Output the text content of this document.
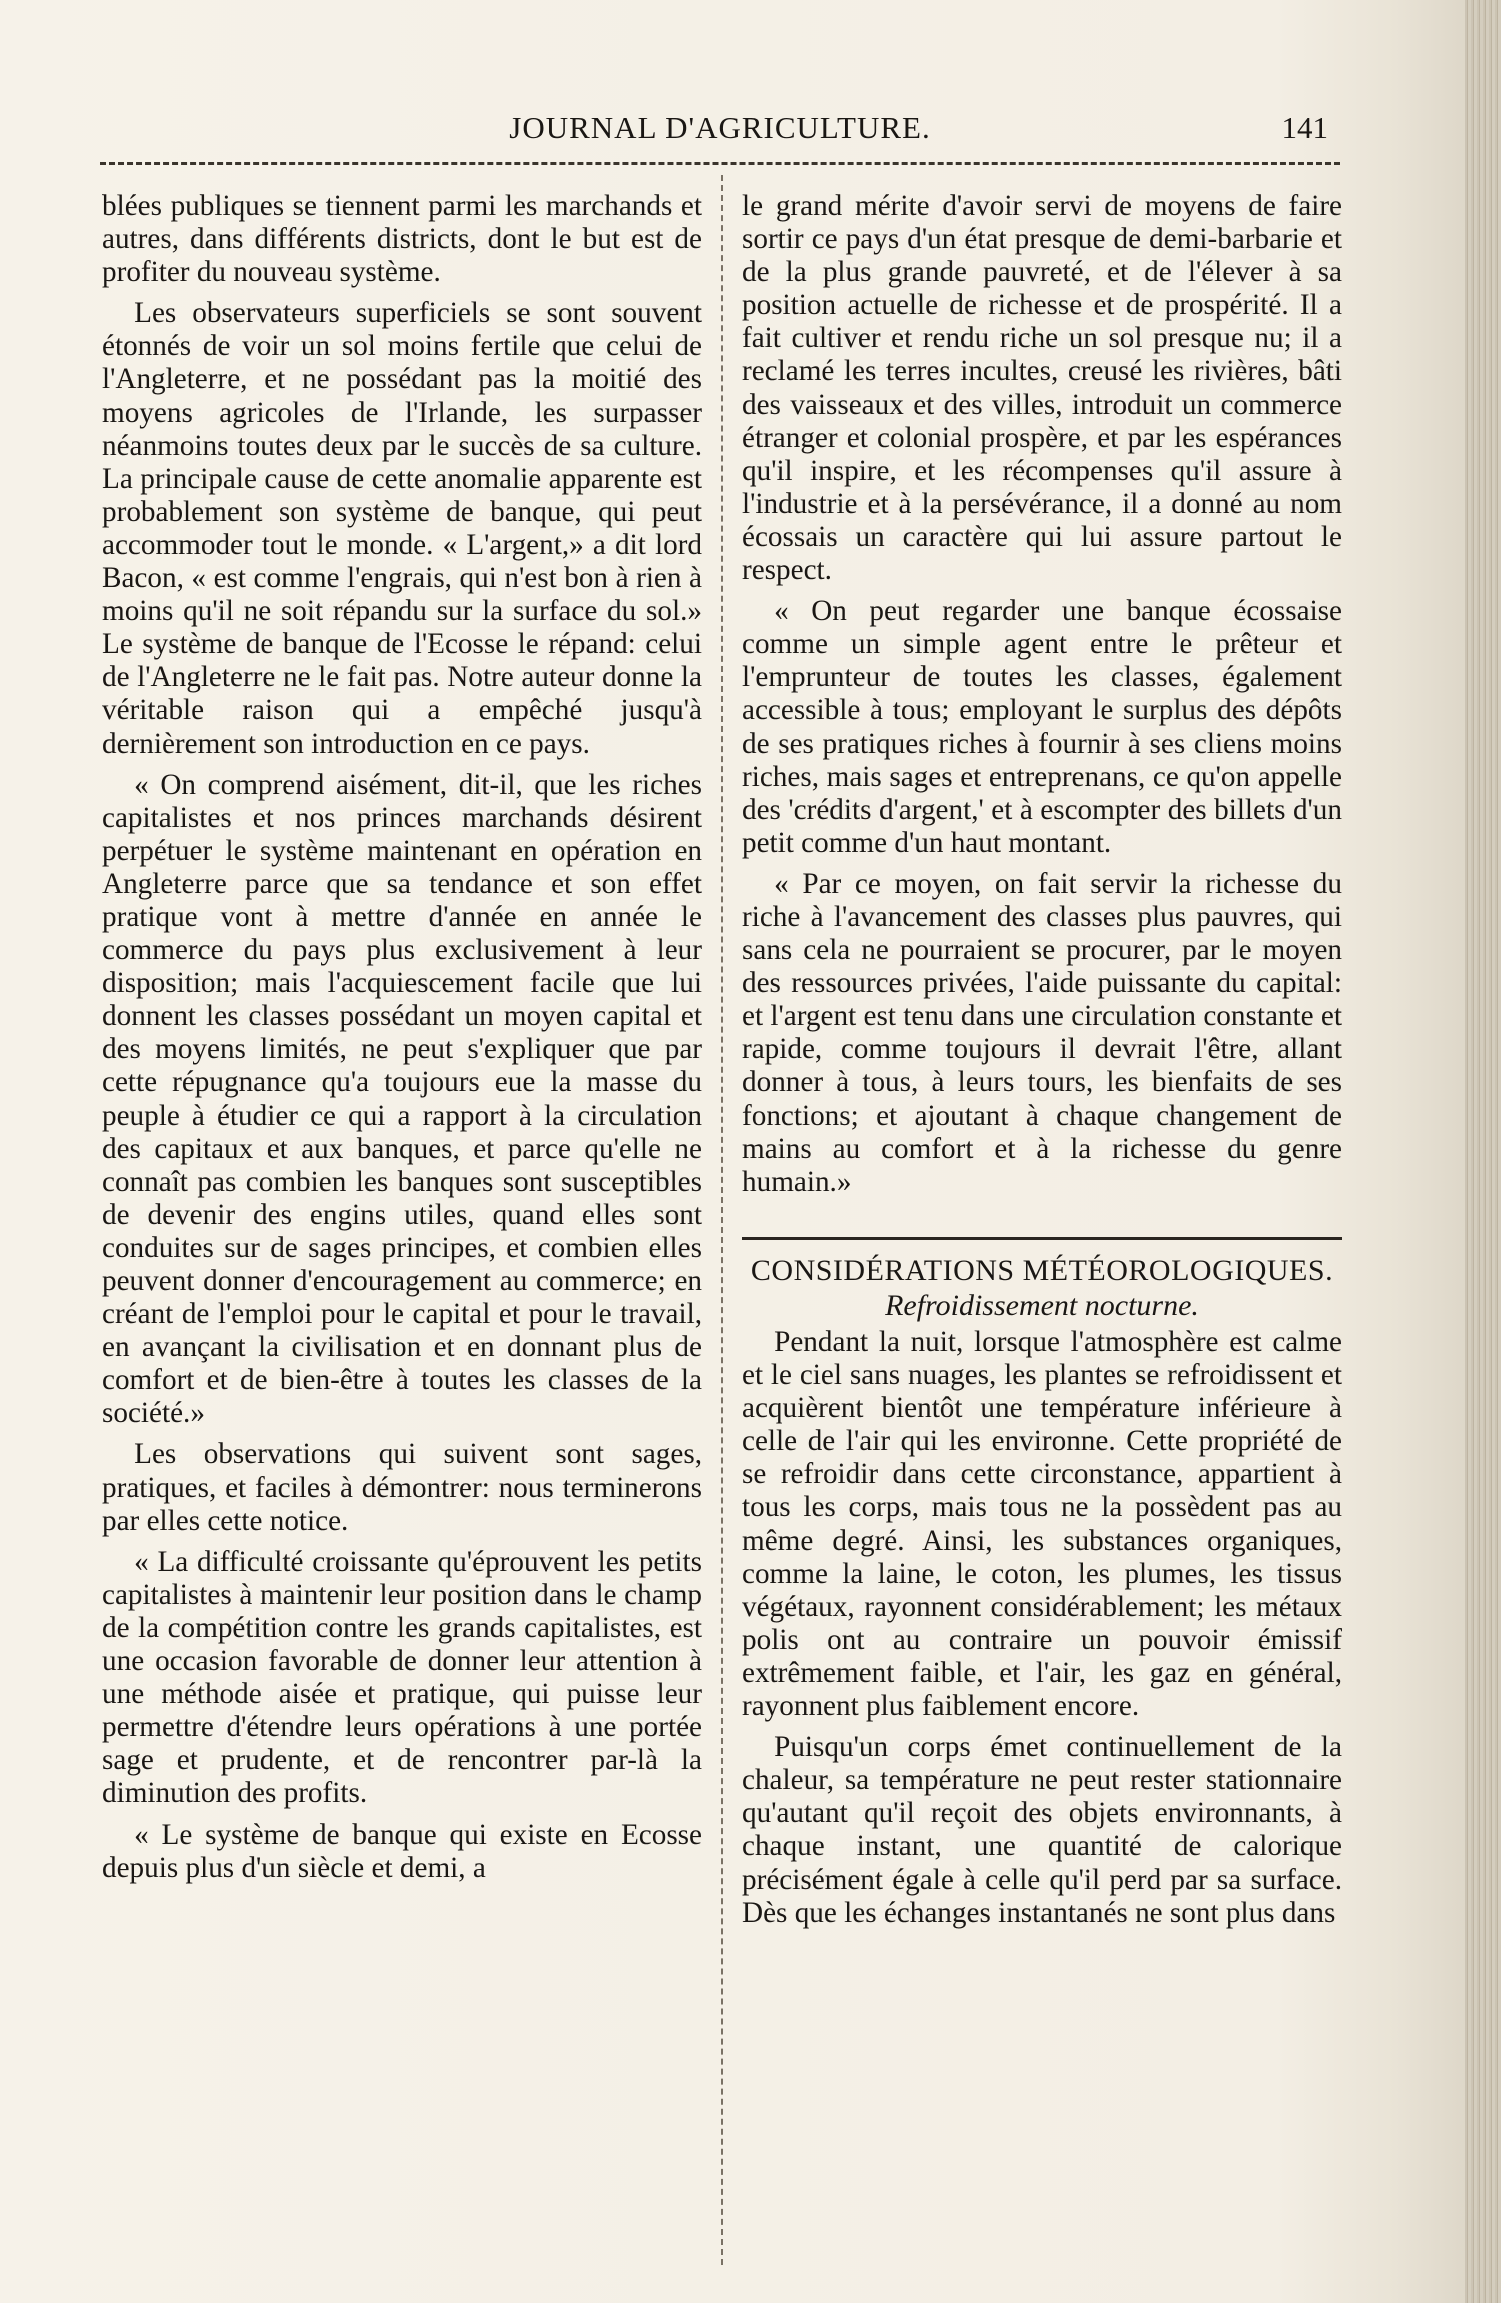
JOURNAL D'AGRICULTURE.	141

blées publiques se tiennent parmi les marchands et autres, dans différents districts, dont le but est de profiter du nouveau système.

Les observateurs superficiels se sont souvent étonnés de voir un sol moins fertile que celui de l'Angleterre, et ne possédant pas la moitié des moyens agricoles de l'Irlande, les surpasser néanmoins toutes deux par le succès de sa culture. La principale cause de cette anomalie apparente est probablement son système de banque, qui peut accommoder tout le monde. « L'argent,» a dit lord Bacon, « est comme l'engrais, qui n'est bon à rien à moins qu'il ne soit répandu sur la surface du sol.» Le système de banque de l'Ecosse le répand: celui de l'Angleterre ne le fait pas. Notre auteur donne la véritable raison qui a empêché jusqu'à dernièrement son introduction en ce pays.

« On comprend aisément, dit-il, que les riches capitalistes et nos princes marchands désirent perpétuer le système maintenant en opération en Angleterre parce que sa tendance et son effet pratique vont à mettre d'année en année le commerce du pays plus exclusivement à leur disposition; mais l'acquiescement facile que lui donnent les classes possédant un moyen capital et des moyens limités, ne peut s'expliquer que par cette répugnance qu'a toujours eue la masse du peuple à étudier ce qui a rapport à la circulation des capitaux et aux banques, et parce qu'elle ne connaît pas combien les banques sont susceptibles de devenir des engins utiles, quand elles sont conduites sur de sages principes, et combien elles peuvent donner d'encouragement au commerce; en créant de l'emploi pour le capital et pour le travail, en avançant la civilisation et en donnant plus de comfort et de bien-être à toutes les classes de la société.»

Les observations qui suivent sont sages, pratiques, et faciles à démontrer: nous terminerons par elles cette notice.

« La difficulté croissante qu'éprouvent les petits capitalistes à maintenir leur position dans le champ de la compétition contre les grands capitalistes, est une occasion favorable de donner leur attention à une méthode aisée et pratique, qui puisse leur permettre d'étendre leurs opérations à une portée sage et prudente, et de rencontrer par-là la diminution des profits.

« Le système de banque qui existe en Ecosse depuis plus d'un siècle et demi, a

le grand mérite d'avoir servi de moyens de faire sortir ce pays d'un état presque de demi-barbarie et de la plus grande pauvreté, et de l'élever à sa position actuelle de richesse et de prospérité. Il a fait cultiver et rendu riche un sol presque nu; il a reclamé les terres incultes, creusé les rivières, bâti des vaisseaux et des villes, introduit un commerce étranger et colonial prospère, et par les espérances qu'il inspire, et les récompenses qu'il assure à l'industrie et à la persévérance, il a donné au nom écossais un caractère qui lui assure partout le respect.

« On peut regarder une banque écossaise comme un simple agent entre le prêteur et l'emprunteur de toutes les classes, également accessible à tous; employant le surplus des dépôts de ses pratiques riches à fournir à ses cliens moins riches, mais sages et entreprenans, ce qu'on appelle des 'crédits d'argent,' et à escompter des billets d'un petit comme d'un haut montant.

« Par ce moyen, on fait servir la richesse du riche à l'avancement des classes plus pauvres, qui sans cela ne pourraient se procurer, par le moyen des ressources privées, l'aide puissante du capital: et l'argent est tenu dans une circulation constante et rapide, comme toujours il devrait l'être, allant donner à tous, à leurs tours, les bienfaits de ses fonctions; et ajoutant à chaque changement de mains au comfort et à la richesse du genre humain.»

CONSIDÉRATIONS MÉTÉOROLOGIQUES.
Refroidissement nocturne.

Pendant la nuit, lorsque l'atmosphère est calme et le ciel sans nuages, les plantes se refroidissent et acquièrent bientôt une température inférieure à celle de l'air qui les environne. Cette propriété de se refroidir dans cette circonstance, appartient à tous les corps, mais tous ne la possèdent pas au même degré. Ainsi, les substances organiques, comme la laine, le coton, les plumes, les tissus végétaux, rayonnent considérablement; les métaux polis ont au contraire un pouvoir émissif extrêmement faible, et l'air, les gaz en général, rayonnent plus faiblement encore.

Puisqu'un corps émet continuellement de la chaleur, sa température ne peut rester stationnaire qu'autant qu'il reçoit des objets environnants, à chaque instant, une quantité de calorique précisément égale à celle qu'il perd par sa surface. Dès que les échanges instantanés ne sont plus dans
